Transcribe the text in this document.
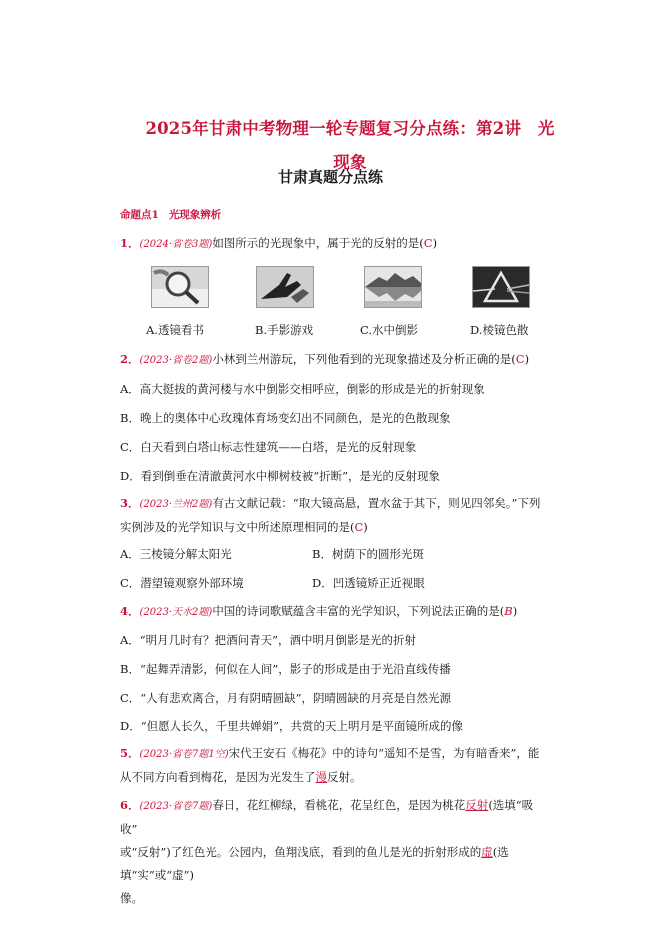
2025年甘肃中考物理一轮专题复习分点练：第2讲　光
现象
甘肃真题分点练
命题点1 光现象辨析
1．(2024·省卷3题)如图所示的光现象中，属于光的反射的是(C)
A.透镜看书	B.手影游戏	C.水中倒影	D.棱镜色散
2．(2023·省卷2题)小林到兰州游玩，下列他看到的光现象描述及分析正确的是(C)
A．高大挺拔的黄河楼与水中倒影交相呼应，倒影的形成是光的折射现象
B．晚上的奥体中心玫瑰体育场变幻出不同颜色，是光的色散现象
C．白天看到白塔山标志性建筑——白塔，是光的反射现象
D．看到倒垂在清澈黄河水中柳树枝被“折断”，是光的反射现象
3．(2023·兰州2题)有古文献记载：“取大镜高悬，置水盆于其下，则见四邻矣。”下列
实例涉及的光学知识与文中所述原理相同的是(C)
A．三棱镜分解太阳光	B．树荫下的圆形光斑
C．潜望镜观察外部环境	D．凹透镜矫正近视眼
4．(2023·天水2题)中国的诗词歌赋蕴含丰富的光学知识，下列说法正确的是(B)
A．“明月几时有？把酒问青天”，酒中明月倒影是光的折射
B．“起舞弄清影，何似在人间”，影子的形成是由于光沿直线传播
C．“人有悲欢离合，月有阴晴圆缺”，阴晴圆缺的月亮是自然光源
D．“但愿人长久，千里共婵娟”，共赏的天上明月是平面镜所成的像
5．(2023·省卷7题1空)宋代王安石《梅花》中的诗句“遥知不是雪，为有暗香来”，能
从不同方向看到梅花，是因为光发生了漫反射。
6．(2023·省卷7题)春日，花红柳绿，看桃花，花呈红色，是因为桃花反射(选填“吸收”
或“反射”)了红色光。公园内，鱼翔浅底，看到的鱼儿是光的折射形成的虚(选填“实”或“虚”)
像。
